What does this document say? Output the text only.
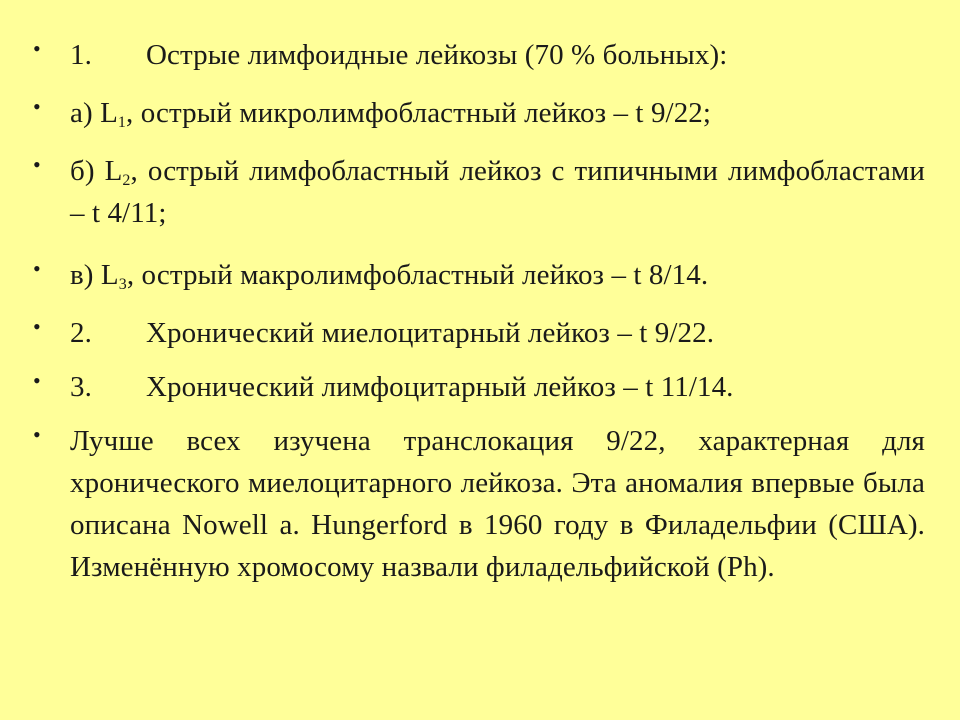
• 1. Острые лимфоидные лейкозы (70 % больных):
• а) $L_1$, острый микролимфобластный лейкоз – t 9/22;
• б) $L_2$, острый лимфобластный лейкоз с типичными лимфобластами – t 4/11;
• в) $L_3$, острый макролимфобластный лейкоз – t 8/14.
• 2. Хронический миелоцитарный лейкоз – t 9/22.
• 3. Хронический лимфоцитарный лейкоз – t 11/14.
• Лучше всех изучена транслокация 9/22, характерная для хронического миелоцитарного лейкоза. Эта аномалия впервые была описана Nowell a. Hungerford в 1960 году в Филадельфии (США). Изменённую хромосому назвали филадельфийской (Ph).
